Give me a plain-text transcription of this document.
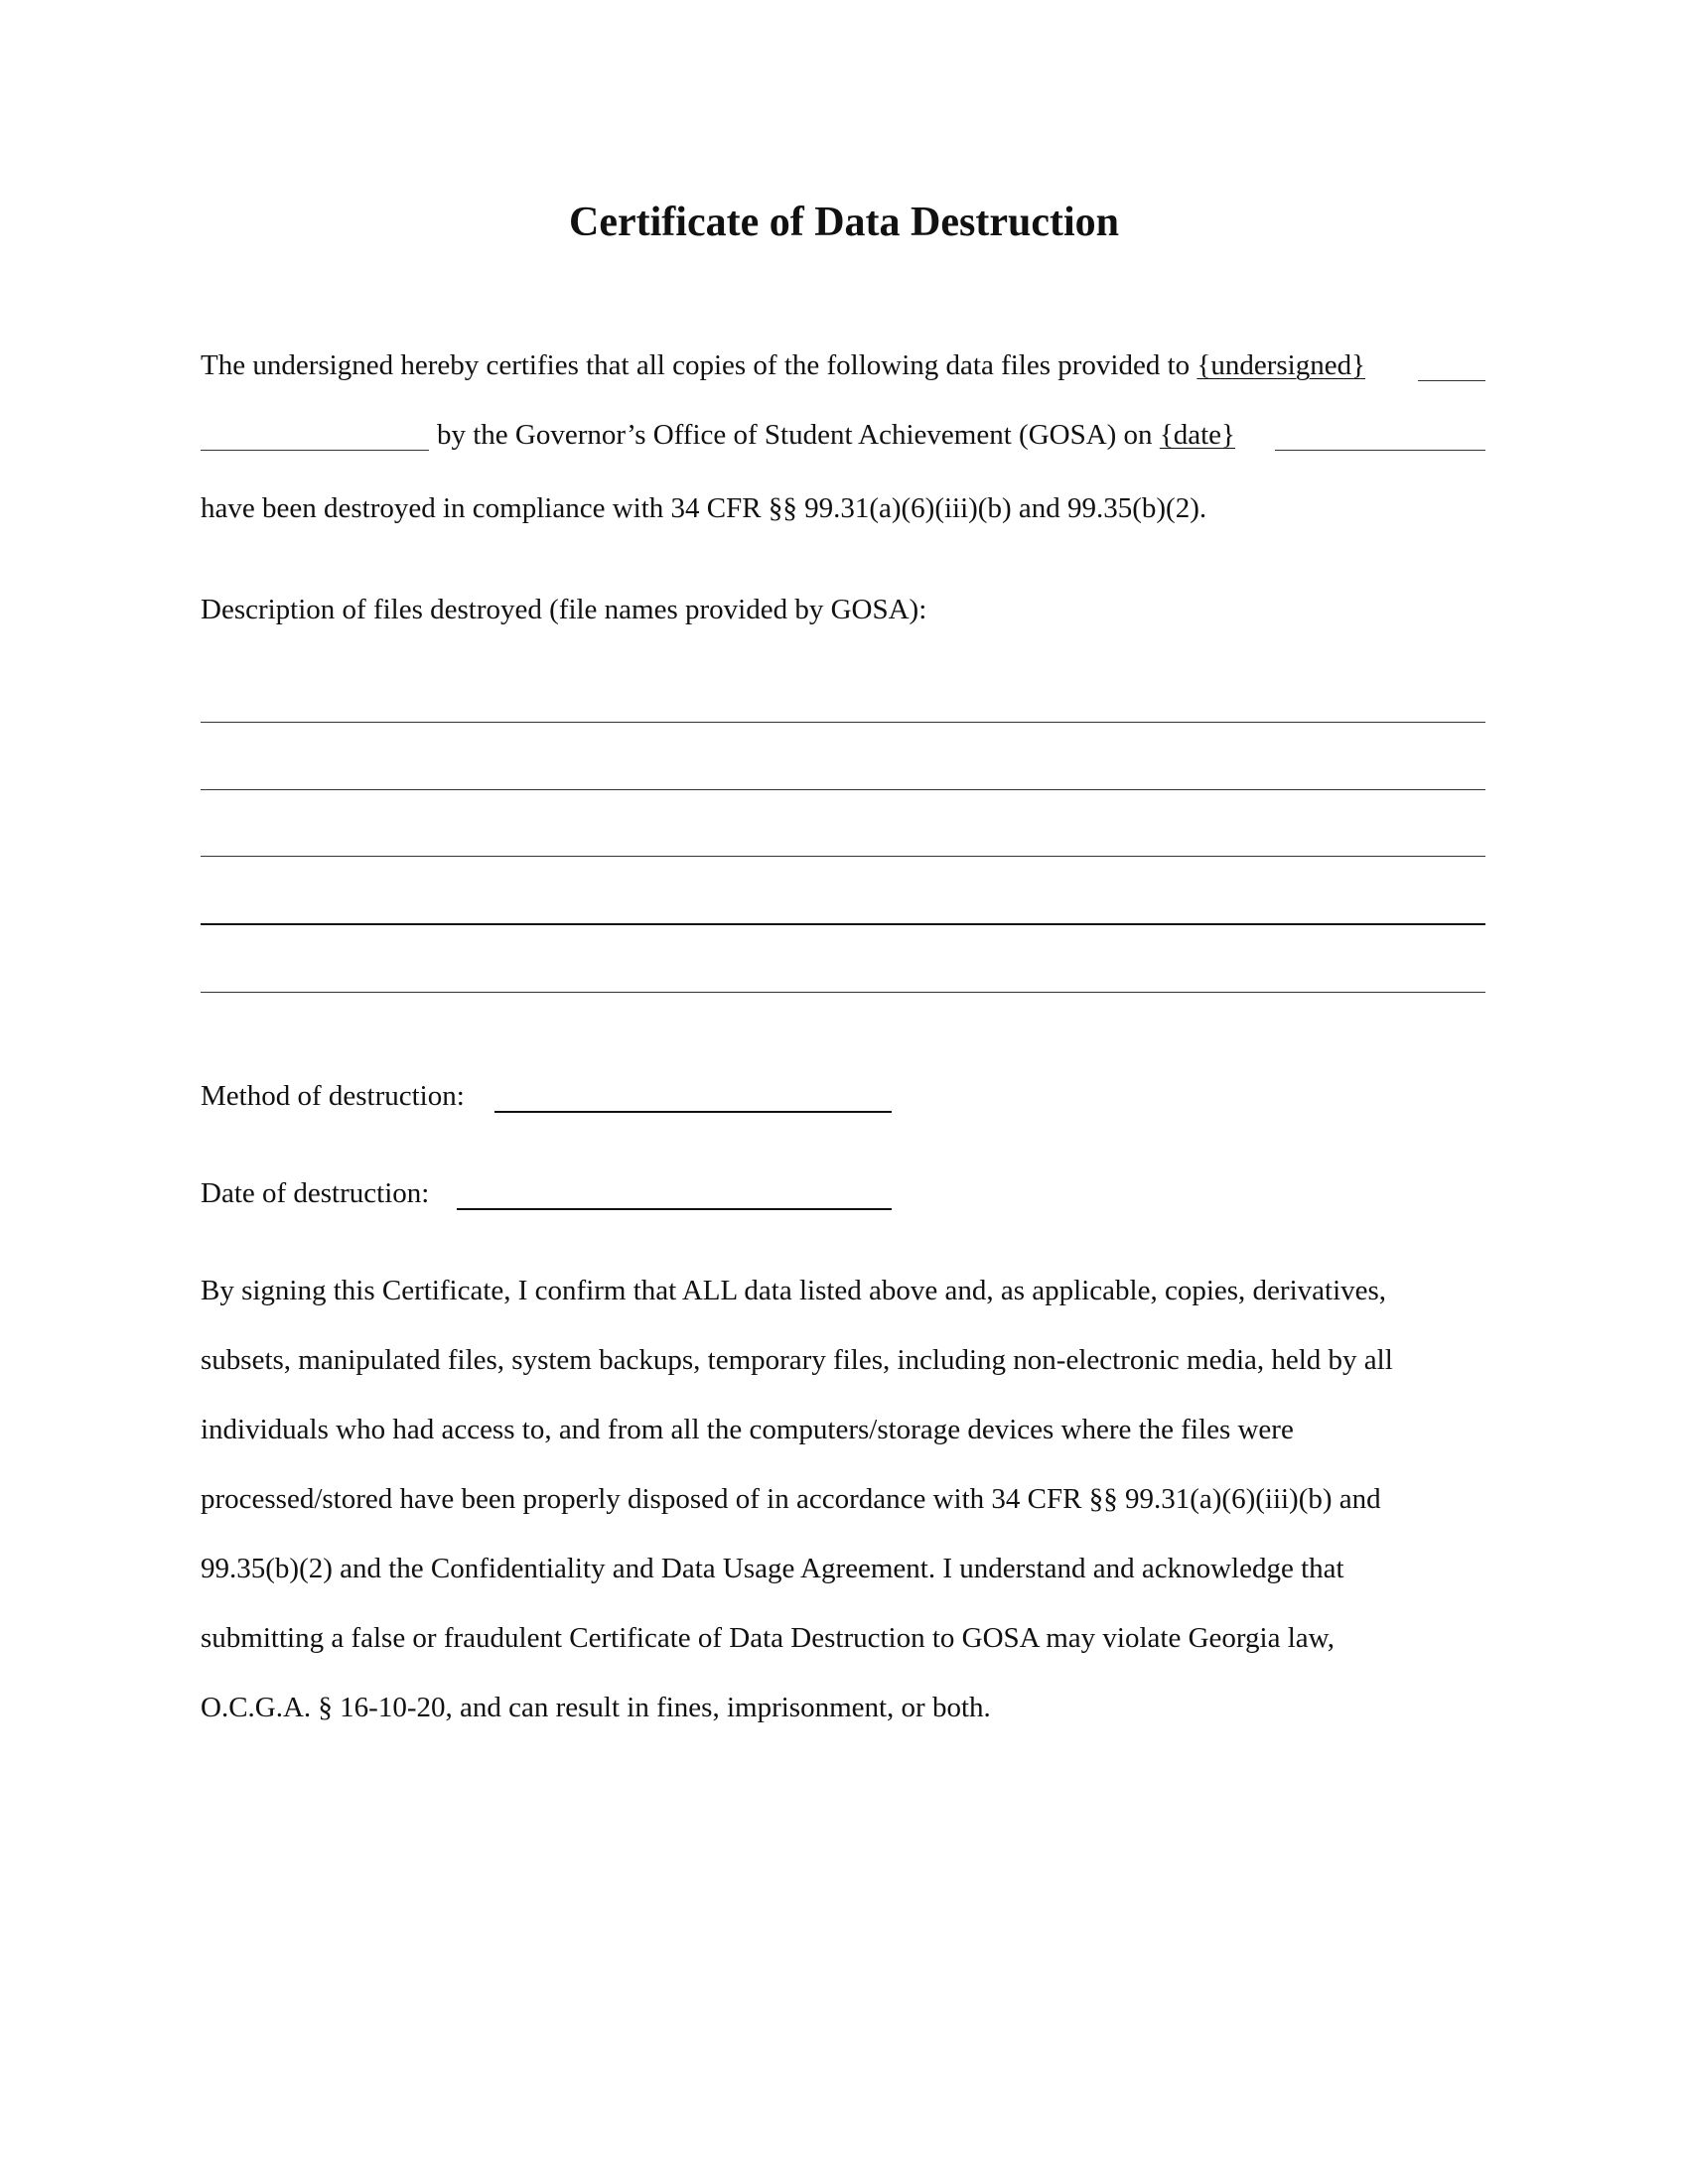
Certificate of Data Destruction

The undersigned hereby certifies that all copies of the following data files provided to {undersigned}

by the Governor’s Office of Student Achievement (GOSA) on {date}

have been destroyed in compliance with 34 CFR §§ 99.31(a)(6)(iii)(b) and 99.35(b)(2).

Description of files destroyed (file names provided by GOSA):

Method of destruction:

Date of destruction:

By signing this Certificate, I confirm that ALL data listed above and, as applicable, copies, derivatives,

subsets, manipulated files, system backups, temporary files, including non-electronic media, held by all

individuals who had access to, and from all the computers/storage devices where the files were

processed/stored have been properly disposed of in accordance with 34 CFR §§ 99.31(a)(6)(iii)(b) and

99.35(b)(2) and the Confidentiality and Data Usage Agreement. I understand and acknowledge that

submitting a false or fraudulent Certificate of Data Destruction to GOSA may violate Georgia law,

O.C.G.A. § 16-10-20, and can result in fines, imprisonment, or both.
